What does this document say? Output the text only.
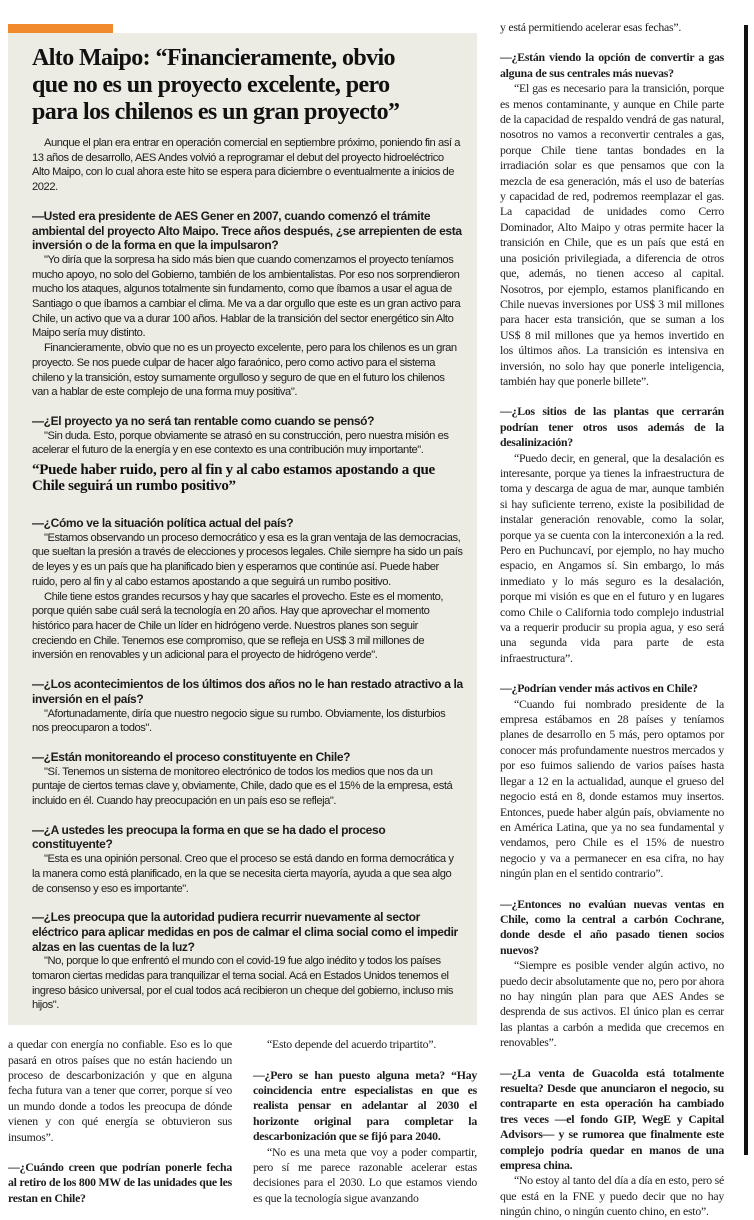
Alto Maipo: “Financieramente, obvio
que no es un proyecto excelente, pero
para los chilenos es un gran proyecto”

Aunque el plan era entrar en operación comercial en septiembre próximo, poniendo fin así a 13 años de desarrollo, AES Andes volvió a reprogramar el debut del proyecto hidroeléctrico Alto Maipo, con lo cual ahora este hito se espera para diciembre o eventualmente a inicios de 2022.

—Usted era presidente de AES Gener en 2007, cuando comenzó el trámite ambiental del proyecto Alto Maipo. Trece años después, ¿se arrepienten de esta inversión o de la forma en que la impulsaron?

"Yo diría que la sorpresa ha sido más bien que cuando comenzamos el proyecto teníamos mucho apoyo, no solo del Gobierno, también de los ambientalistas. Por eso nos sorprendieron mucho los ataques, algunos totalmente sin fundamento, como que íbamos a usar el agua de Santiago o que íbamos a cambiar el clima. Me va a dar orgullo que este es un gran activo para Chile, un activo que va a durar 100 años. Hablar de la transición del sector energético sin Alto Maipo sería muy distinto.

Financieramente, obvio que no es un proyecto excelente, pero para los chilenos es un gran proyecto. Se nos puede culpar de hacer algo faraónico, pero como activo para el sistema chileno y la transición, estoy sumamente orgulloso y seguro de que en el futuro los chilenos van a hablar de este complejo de una forma muy positiva".

—¿El proyecto ya no será tan rentable como cuando se pensó?

"Sin duda. Esto, porque obviamente se atrasó en su construcción, pero nuestra misión es acelerar el futuro de la energía y en ese contexto es una contribución muy importante".

“Puede haber ruido, pero al fin y al cabo estamos apostando a que Chile seguirá un rumbo positivo”

—¿Cómo ve la situación política actual del país?

"Estamos observando un proceso democrático y esa es la gran ventaja de las democracias, que sueltan la presión a través de elecciones y procesos legales. Chile siempre ha sido un país de leyes y es un país que ha planificado bien y esperamos que continúe así. Puede haber ruido, pero al fin y al cabo estamos apostando a que seguirá un rumbo positivo.

Chile tiene estos grandes recursos y hay que sacarles el provecho. Este es el momento, porque quién sabe cuál será la tecnología en 20 años. Hay que aprovechar el momento histórico para hacer de Chile un líder en hidrógeno verde. Nuestros planes son seguir creciendo en Chile. Tenemos ese compromiso, que se refleja en US$ 3 mil millones de inversión en renovables y un adicional para el proyecto de hidrógeno verde".

—¿Los acontecimientos de los últimos dos años no le han restado atractivo a la inversión en el país?

"Afortunadamente, diría que nuestro negocio sigue su rumbo. Obviamente, los disturbios nos preocuparon a todos".

—¿Están monitoreando el proceso constituyente en Chile?

"Sí. Tenemos un sistema de monitoreo electrónico de todos los medios que nos da un puntaje de ciertos temas clave y, obviamente, Chile, dado que es el 15% de la empresa, está incluido en él. Cuando hay preocupación en un país eso se refleja".

—¿A ustedes les preocupa la forma en que se ha dado el proceso constituyente?

"Esta es una opinión personal. Creo que el proceso se está dando en forma democrática y la manera como está planificado, en la que se necesita cierta mayoría, ayuda a que sea algo de consenso y eso es importante".

—¿Les preocupa que la autoridad pudiera recurrir nuevamente al sector eléctrico para aplicar medidas en pos de calmar el clima social como el impedir alzas en las cuentas de la luz?

"No, porque lo que enfrentó el mundo con el covid-19 fue algo inédito y todos los países tomaron ciertas medidas para tranquilizar el tema social. Acá en Estados Unidos tenemos el ingreso básico universal, por el cual todos acá recibieron un cheque del gobierno, incluso mis hijos".

a quedar con energía no confiable. Eso es lo que pasará en otros países que no están haciendo un proceso de descarbonización y que en alguna fecha futura van a tener que correr, porque sí veo un mundo donde a todos les preocupa de dónde vienen y con qué energía se obtuvieron sus insumos”.

—¿Cuándo creen que podrían ponerle fecha al retiro de los 800 MW de las unidades que les restan en Chile?

“Esto depende del acuerdo tripartito”.

—¿Pero se han puesto alguna meta? “Hay coincidencia entre especialistas en que es realista pensar en adelantar al 2030 el horizonte original para completar la descarbonización que se fijó para 2040.

“No es una meta que voy a poder compartir, pero sí me parece razonable acelerar estas decisiones para el 2030. Lo que estamos viendo es que la tecnología sigue avanzando

y está permitiendo acelerar esas fechas”.

—¿Están viendo la opción de convertir a gas alguna de sus centrales más nuevas?

“El gas es necesario para la transición, porque es menos contaminante, y aunque en Chile parte de la capacidad de respaldo vendrá de gas natural, nosotros no vamos a reconvertir centrales a gas, porque Chile tiene tantas bondades en la irradiación solar es que pensamos que con la mezcla de esa generación, más el uso de baterías y capacidad de red, podremos reemplazar el gas. La capacidad de unidades como Cerro Dominador, Alto Maipo y otras permite hacer la transición en Chile, que es un país que está en una posición privilegiada, a diferencia de otros que, además, no tienen acceso al capital. Nosotros, por ejemplo, estamos planificando en Chile nuevas inversiones por US$ 3 mil millones para hacer esta transición, que se suman a los US$ 8 mil millones que ya hemos invertido en los últimos años. La transición es intensiva en inversión, no solo hay que ponerle inteligencia, también hay que ponerle billete”.

—¿Los sitios de las plantas que cerrarán podrían tener otros usos además de la desalinización?

“Puedo decir, en general, que la desalación es interesante, porque ya tienes la infraestructura de toma y descarga de agua de mar, aunque también si hay suficiente terreno, existe la posibilidad de instalar generación renovable, como la solar, porque ya se cuenta con la interconexión a la red. Pero en Puchuncaví, por ejemplo, no hay mucho espacio, en Angamos sí. Sin embargo, lo más inmediato y lo más seguro es la desalación, porque mi visión es que en el futuro y en lugares como Chile o California todo complejo industrial va a requerir producir su propia agua, y eso será una segunda vida para parte de esta infraestructura”.

—¿Podrían vender más activos en Chile?

“Cuando fui nombrado presidente de la empresa estábamos en 28 países y teníamos planes de desarrollo en 5 más, pero optamos por conocer más profundamente nuestros mercados y por eso fuimos saliendo de varios países hasta llegar a 12 en la actualidad, aunque el grueso del negocio está en 8, donde estamos muy insertos. Entonces, puede haber algún país, obviamente no en América Latina, que ya no sea fundamental y vendamos, pero Chile es el 15% de nuestro negocio y va a permanecer en esa cifra, no hay ningún plan en el sentido contrario”.

—¿Entonces no evalúan nuevas ventas en Chile, como la central a carbón Cochrane, donde desde el año pasado tienen socios nuevos?

“Siempre es posible vender algún activo, no puedo decir absolutamente que no, pero por ahora no hay ningún plan para que AES Andes se desprenda de sus activos. El único plan es cerrar las plantas a carbón a medida que crecemos en renovables”.

—¿La venta de Guacolda está totalmente resuelta? Desde que anunciaron el negocio, su contraparte en esta operación ha cambiado tres veces —el fondo GIP, WegE y Capital Advisors— y se rumorea que finalmente este complejo podría quedar en manos de una empresa china.

“No estoy al tanto del día a día en esto, pero sé que está en la FNE y puedo decir que no hay ningún chino, o ningún cuento chino, en esto”.
